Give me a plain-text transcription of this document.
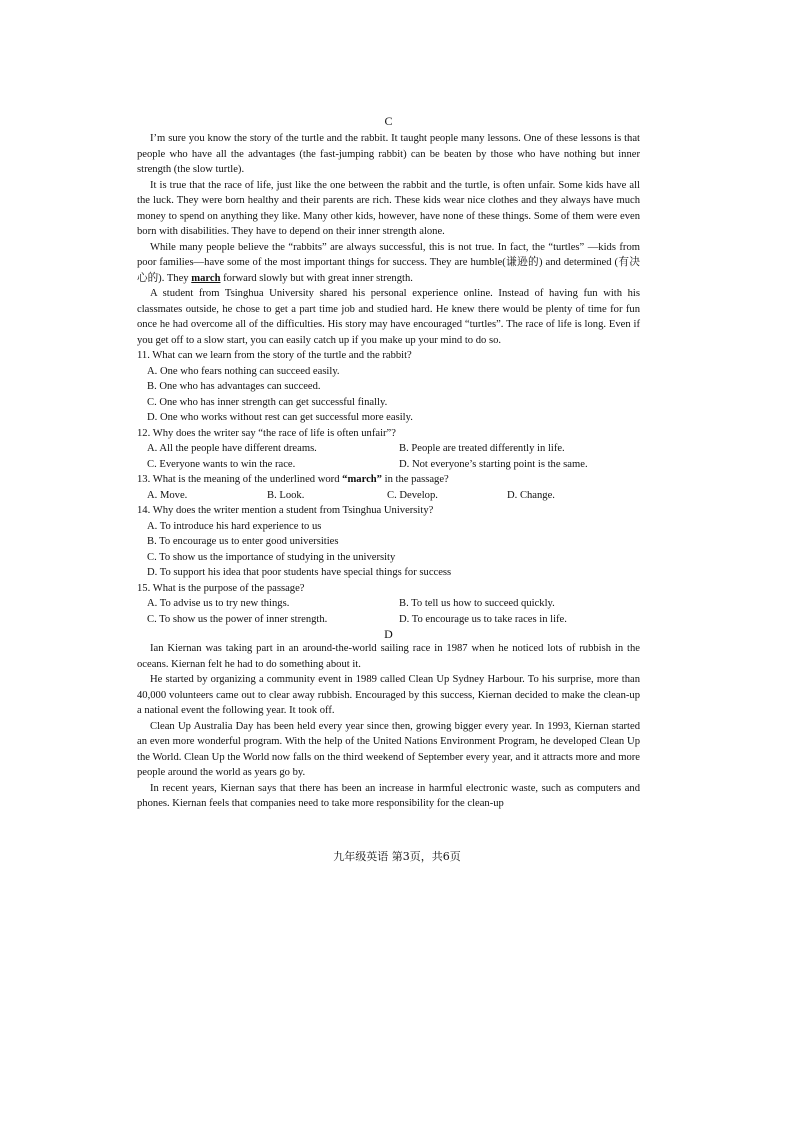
C

I’m sure you know the story of the turtle and the rabbit. It taught people many lessons. One of these lessons is that people who have all the advantages (the fast-jumping rabbit) can be beaten by those who have nothing but inner strength (the slow turtle).

It is true that the race of life, just like the one between the rabbit and the turtle, is often unfair. Some kids have all the luck. They were born healthy and their parents are rich. These kids wear nice clothes and they always have much money to spend on anything they like. Many other kids, however, have none of these things. Some of them were even born with disabilities. They have to depend on their inner strength alone.

While many people believe the “rabbits” are always successful, this is not true. In fact, the “turtles” —kids from poor families—have some of the most important things for success. They are humble(谦逊的) and determined (有决心的). They march forward slowly but with great inner strength.

A student from Tsinghua University shared his personal experience online. Instead of having fun with his classmates outside, he chose to get a part time job and studied hard. He knew there would be plenty of time for fun once he had overcome all of the difficulties. His story may have encouraged “turtles”. The race of life is long. Even if you get off to a slow start, you can easily catch up if you make up your mind to do so.

11. What can we learn from the story of the turtle and the rabbit?
A. One who fears nothing can succeed easily.
B. One who has advantages can succeed.
C. One who has inner strength can get successful finally.
D. One who works without rest can get successful more easily.
12. Why does the writer say “the race of life is often unfair”?
A. All the people have different dreams.	B. People are treated differently in life.
C. Everyone wants to win the race.	D. Not everyone’s starting point is the same.
13. What is the meaning of the underlined word “march” in the passage?
A. Move.	B. Look.	C. Develop.	D. Change.
14. Why does the writer mention a student from Tsinghua University?
A. To introduce his hard experience to us
B. To encourage us to enter good universities
C. To show us the importance of studying in the university
D. To support his idea that poor students have special things for success
15. What is the purpose of the passage?
A. To advise us to try new things.	B. To tell us how to succeed quickly.
C. To show us the power of inner strength.	D. To encourage us to take races in life.
D

Ian Kiernan was taking part in an around-the-world sailing race in 1987 when he noticed lots of rubbish in the oceans. Kiernan felt he had to do something about it.

He started by organizing a community event in 1989 called Clean Up Sydney Harbour. To his surprise, more than 40,000 volunteers came out to clear away rubbish. Encouraged by this success, Kiernan decided to make the clean-up a national event the following year. It took off.

Clean Up Australia Day has been held every year since then, growing bigger every year. In 1993, Kiernan started an even more wonderful program. With the help of the United Nations Environment Program, he developed Clean Up the World. Clean Up the World now falls on the third weekend of September every year, and it attracts more and more people around the world as years go by.

In recent years, Kiernan says that there has been an increase in harmful electronic waste, such as computers and phones. Kiernan feels that companies need to take more responsibility for the clean-up

九年级英语 第3页，共6页
